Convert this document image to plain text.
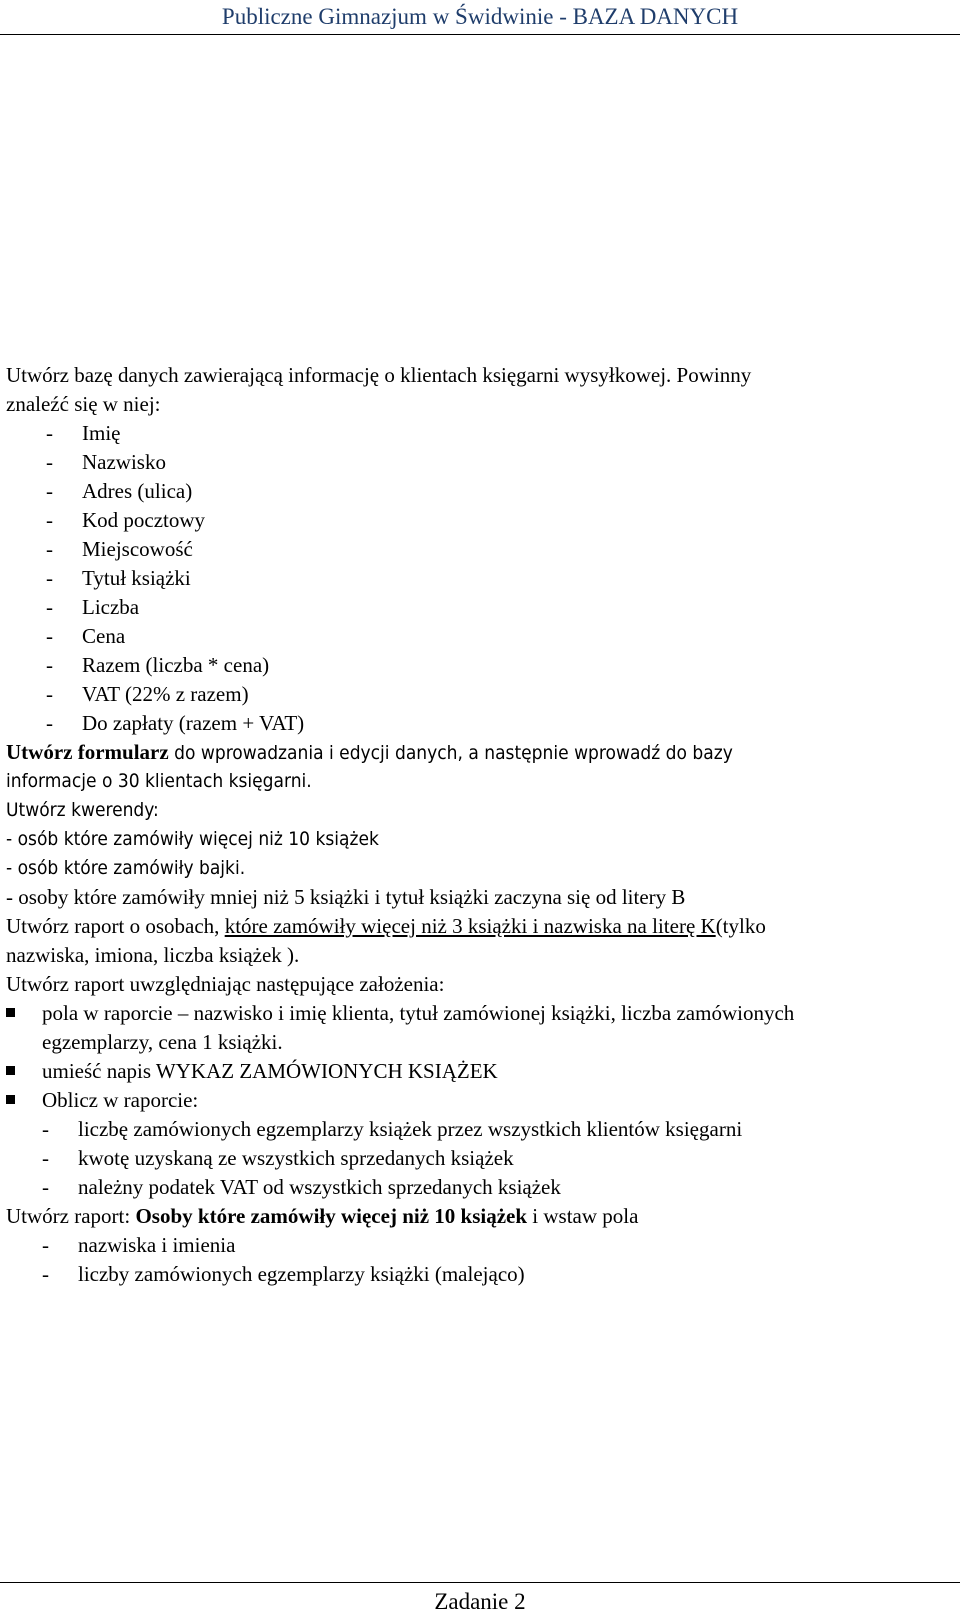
Publiczne Gimnazjum w Świdwinie - BAZA DANYCH
Utwórz bazę danych zawierającą informację o klientach księgarni wysyłkowej. Powinny
znaleźć się w niej:
- Imię
- Nazwisko
- Adres (ulica)
- Kod pocztowy
- Miejscowość
- Tytuł książki
- Liczba
- Cena
- Razem (liczba * cena)
- VAT (22% z razem)
- Do zapłaty (razem + VAT)
Utwórz formularz do wprowadzania i edycji danych, a następnie wprowadź do bazy
informacje o 30 klientach księgarni.
Utwórz kwerendy:
- osób które zamówiły więcej niż 10 książek
- osób które zamówiły bajki.
- osoby które zamówiły mniej niż 5 książki i tytuł książki zaczyna się od litery B
Utwórz raport o osobach, które zamówiły więcej niż 3 książki i nazwiska na literę K(tylko
nazwiska, imiona, liczba książek ).
Utwórz raport uwzględniając następujące założenia:
pola w raporcie – nazwisko i imię klienta, tytuł zamówionej książki, liczba zamówionych
egzemplarzy, cena 1 książki.
umieść napis WYKAZ ZAMÓWIONYCH KSIĄŻEK
Oblicz w raporcie:
- liczbę zamówionych egzemplarzy książek przez wszystkich klientów księgarni
- kwotę uzyskaną ze wszystkich sprzedanych książek
- należny podatek VAT od wszystkich sprzedanych książek
Utwórz raport: Osoby które zamówiły więcej niż 10 książek i wstaw pola
- nazwiska i imienia
- liczby zamówionych egzemplarzy książki (malejąco)
Zadanie 2
